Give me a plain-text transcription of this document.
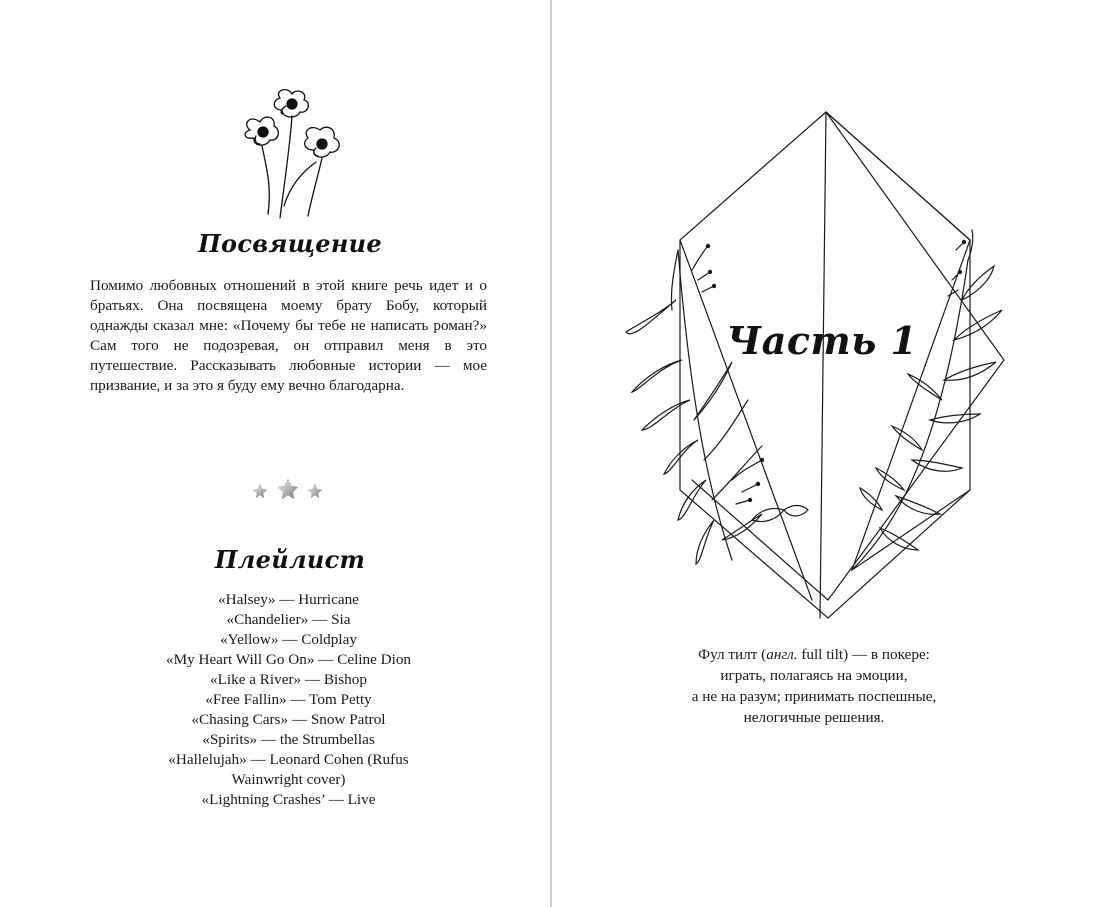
Посвящение

Помимо любовных отношений в этой книге речь идет и о братьях. Она посвящена моему брату Бобу, который однажды сказал мне: «Почему бы тебе не написать роман?» Сам того не подозревая, он отправил меня в это путешествие. Рассказывать любовные истории — мое призвание, и за это я буду ему вечно благодарна.

Плейлист
«Halsey» — Hurricane
«Chandelier» — Sia
«Yellow» — Coldplay
«My Heart Will Go On» — Celine Dion
«Like a River» — Bishop
«Free Fallin» — Tom Petty
«Chasing Cars» — Snow Patrol
«Spirits» — the Strumbellas
«Hallelujah» — Leonard Cohen (Rufus Wainwright cover)
«Lightning Crashes’ — Live
Часть 1

Фул тилт (англ. full tilt) — в покере:
играть, полагаясь на эмоции,
а не на разум; принимать поспешные,
нелогичные решения.
